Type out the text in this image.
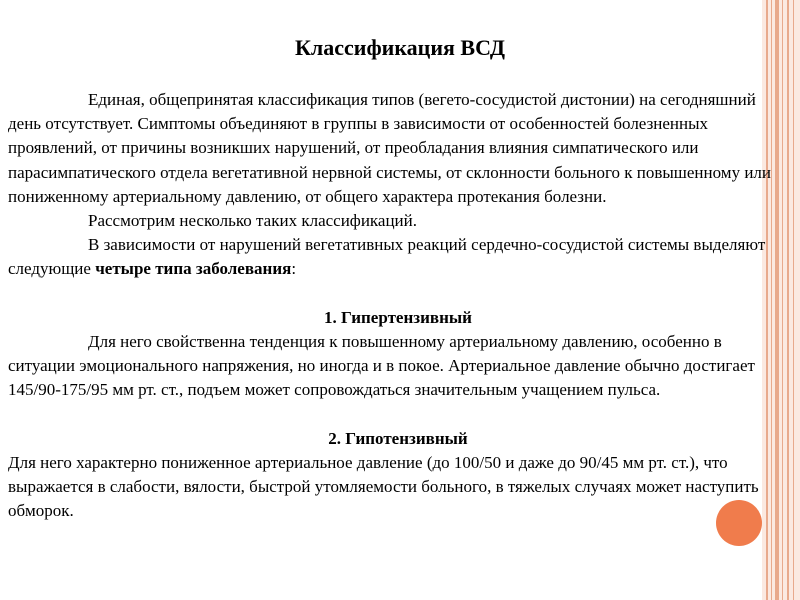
Классификация ВСД

Единая, общепринятая классификация типов (вегето-сосудистой дистонии) на сегодняшний день отсутствует. Симптомы объединяют в группы в зависимости от особенностей болезненных проявлений, от причины возникших нарушений, от преобладания влияния симпатического или парасимпатического отдела вегетативной нервной системы, от склонности больного к повышенному или пониженному артериальному давлению, от общего характера протекания болезни.

Рассмотрим несколько таких классификаций.

В зависимости от нарушений вегетативных реакций сердечно-сосудистой системы выделяют следующие четыре типа заболевания:

1. Гипертензивный

Для него свойственна тенденция к повышенному артериальному давлению, особенно в ситуации эмоционального напряжения, но иногда и в покое. Артериальное давление обычно достигает 145/90-175/95 мм рт. ст., подъем может сопровождаться значительным учащением пульса.

2. Гипотензивный

Для него характерно пониженное артериальное давление (до 100/50 и даже до 90/45 мм рт. ст.), что выражается в слабости, вялости, быстрой утомляемости больного, в тяжелых случаях может наступить обморок.
